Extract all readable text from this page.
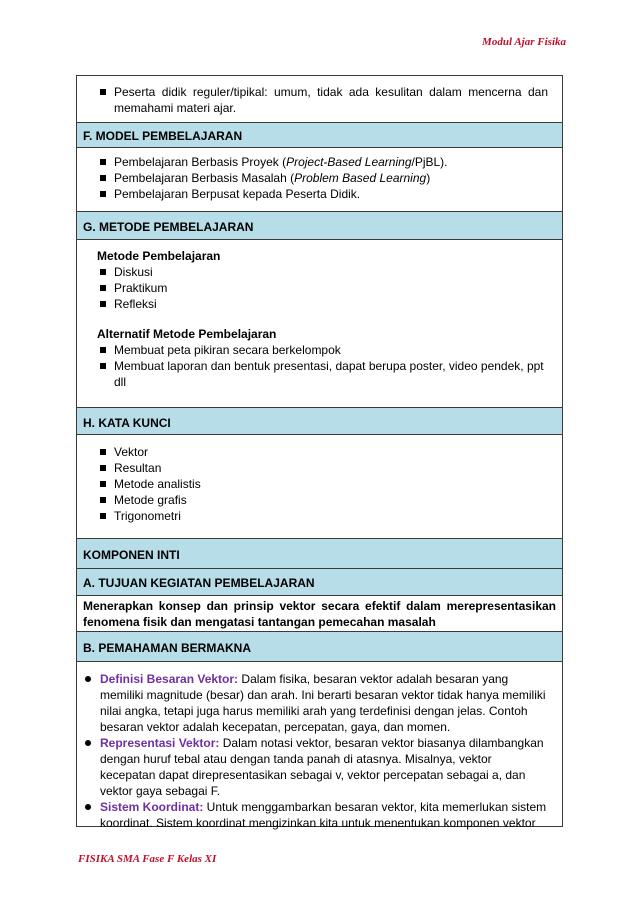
Modul Ajar Fisika
Peserta didik reguler/tipikal: umum, tidak ada kesulitan dalam mencerna dan memahami materi ajar.
F. MODEL PEMBELAJARAN
Pembelajaran Berbasis Proyek (Project-Based Learning/PjBL).
Pembelajaran Berbasis Masalah (Problem Based Learning)
Pembelajaran Berpusat kepada Peserta Didik.
G. METODE PEMBELAJARAN
Metode Pembelajaran
Diskusi
Praktikum
Refleksi
Alternatif Metode Pembelajaran
Membuat peta pikiran secara berkelompok
Membuat laporan dan bentuk presentasi, dapat berupa poster, video pendek, ppt dll
H. KATA KUNCI
Vektor
Resultan
Metode analistis
Metode grafis
Trigonometri
KOMPONEN INTI
A. TUJUAN KEGIATAN PEMBELAJARAN
Menerapkan konsep dan prinsip vektor secara efektif dalam merepresentasikan fenomena fisik dan mengatasi tantangan pemecahan masalah
B. PEMAHAMAN BERMAKNA
Definisi Besaran Vektor: Dalam fisika, besaran vektor adalah besaran yang memiliki magnitude (besar) dan arah. Ini berarti besaran vektor tidak hanya memiliki nilai angka, tetapi juga harus memiliki arah yang terdefinisi dengan jelas. Contoh besaran vektor adalah kecepatan, percepatan, gaya, dan momen.
Representasi Vektor: Dalam notasi vektor, besaran vektor biasanya dilambangkan dengan huruf tebal atau dengan tanda panah di atasnya. Misalnya, vektor kecepatan dapat direpresentasikan sebagai v, vektor percepatan sebagai a, dan vektor gaya sebagai F.
Sistem Koordinat: Untuk menggambarkan besaran vektor, kita memerlukan sistem koordinat. Sistem koordinat mengizinkan kita untuk menentukan komponen vektor
FISIKA SMA Fase F Kelas XI
